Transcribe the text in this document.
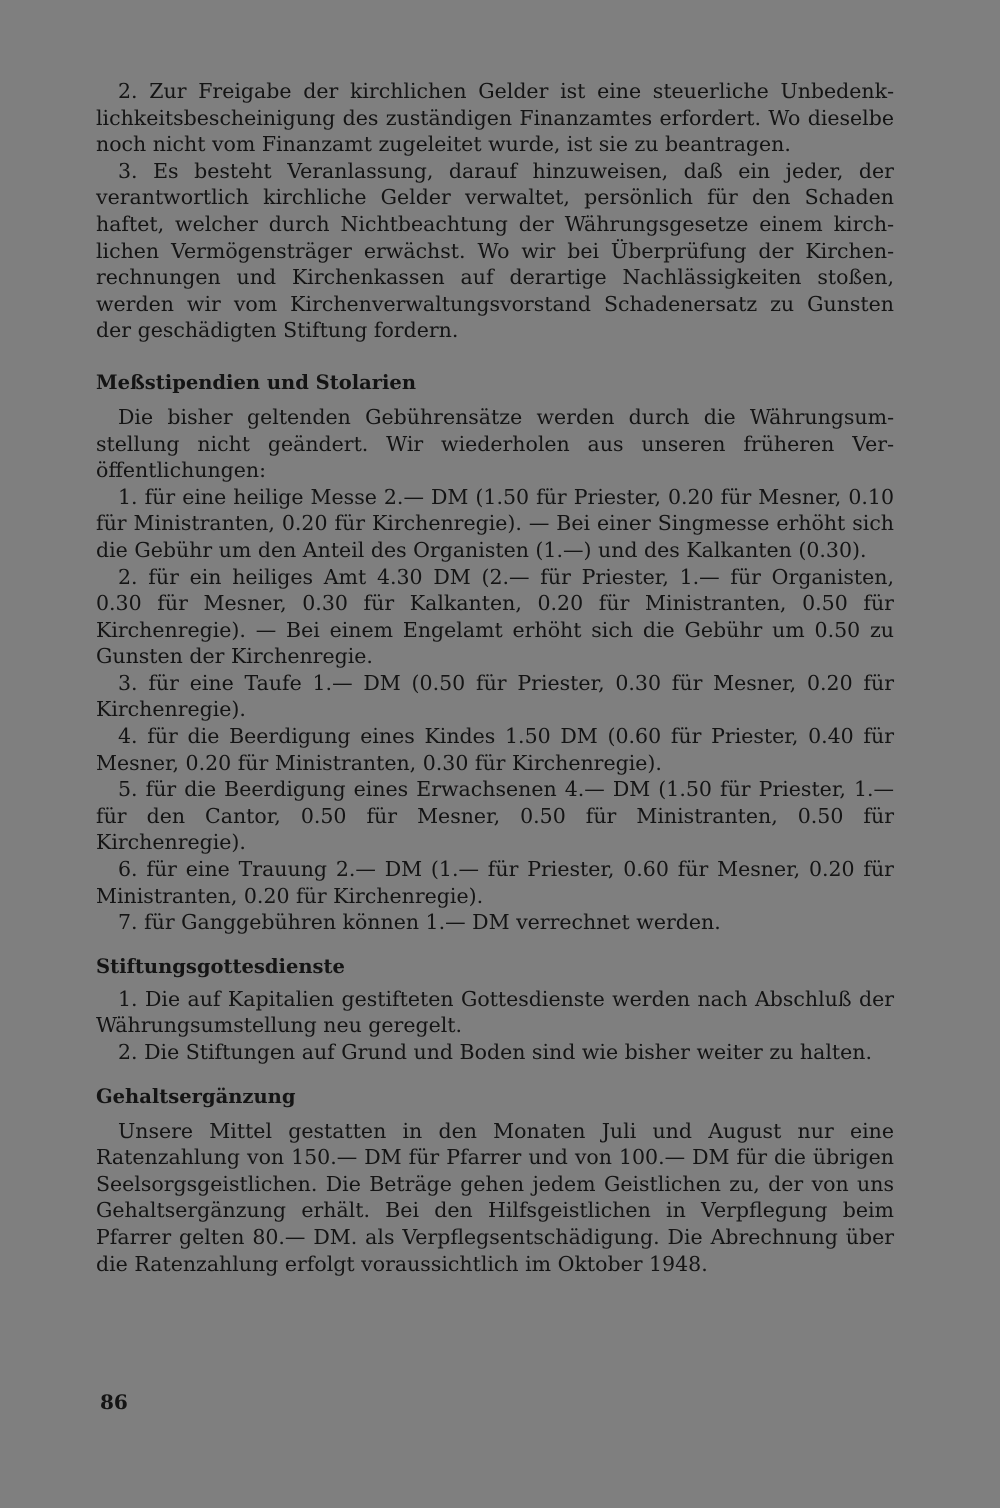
2. Zur Freigabe der kirchlichen Gelder ist eine steuerliche Unbedenklichkeitsbescheinigung des zuständigen Finanzamtes erfordert. Wo dieselbe noch nicht vom Finanzamt zugeleitet wurde, ist sie zu beantragen.

3. Es besteht Veranlassung, darauf hinzuweisen, daß ein jeder, der verantwortlich kirchliche Gelder verwaltet, persönlich für den Schaden haftet, welcher durch Nichtbeachtung der Währungsgesetze einem kirchlichen Vermögensträger erwächst. Wo wir bei Überprüfung der Kirchenrechnungen und Kirchenkassen auf derartige Nachlässigkeiten stoßen, werden wir vom Kirchenverwaltungsvorstand Schadenersatz zu Gunsten der geschädigten Stiftung fordern.

Meßstipendien und Stolarien

Die bisher geltenden Gebührensätze werden durch die Währungsumstellung nicht geändert. Wir wiederholen aus unseren früheren Veröffentlichungen:

1. für eine heilige Messe 2.— DM (1.50 für Priester, 0.20 für Mesner, 0.10 für Ministranten, 0.20 für Kirchenregie). — Bei einer Singmesse erhöht sich die Gebühr um den Anteil des Organisten (1.—) und des Kalkanten (0.30).

2. für ein heiliges Amt 4.30 DM (2.— für Priester, 1.— für Organisten, 0.30 für Mesner, 0.30 für Kalkanten, 0.20 für Ministranten, 0.50 für Kirchenregie). — Bei einem Engelamt erhöht sich die Gebühr um 0.50 zu Gunsten der Kirchenregie.

3. für eine Taufe 1.— DM (0.50 für Priester, 0.30 für Mesner, 0.20 für Kirchenregie).

4. für die Beerdigung eines Kindes 1.50 DM (0.60 für Priester, 0.40 für Mesner, 0.20 für Ministranten, 0.30 für Kirchenregie).

5. für die Beerdigung eines Erwachsenen 4.— DM (1.50 für Priester, 1.— für den Cantor, 0.50 für Mesner, 0.50 für Ministranten, 0.50 für Kirchenregie).

6. für eine Trauung 2.— DM (1.— für Priester, 0.60 für Mesner, 0.20 für Ministranten, 0.20 für Kirchenregie).

7. für Ganggebühren können 1.— DM verrechnet werden.

Stiftungsgottesdienste

1. Die auf Kapitalien gestifteten Gottesdienste werden nach Abschluß der Währungsumstellung neu geregelt.

2. Die Stiftungen auf Grund und Boden sind wie bisher weiter zu halten.

Gehaltsergänzung

Unsere Mittel gestatten in den Monaten Juli und August nur eine Ratenzahlung von 150.— DM für Pfarrer und von 100.— DM für die übrigen Seelsorgsgeistlichen. Die Beträge gehen jedem Geistlichen zu, der von uns Gehaltsergänzung erhält. Bei den Hilfsgeistlichen in Verpflegung beim Pfarrer gelten 80.— DM. als Verpflegsentschädigung. Die Abrechnung über die Ratenzahlung erfolgt voraussichtlich im Oktober 1948.

86
